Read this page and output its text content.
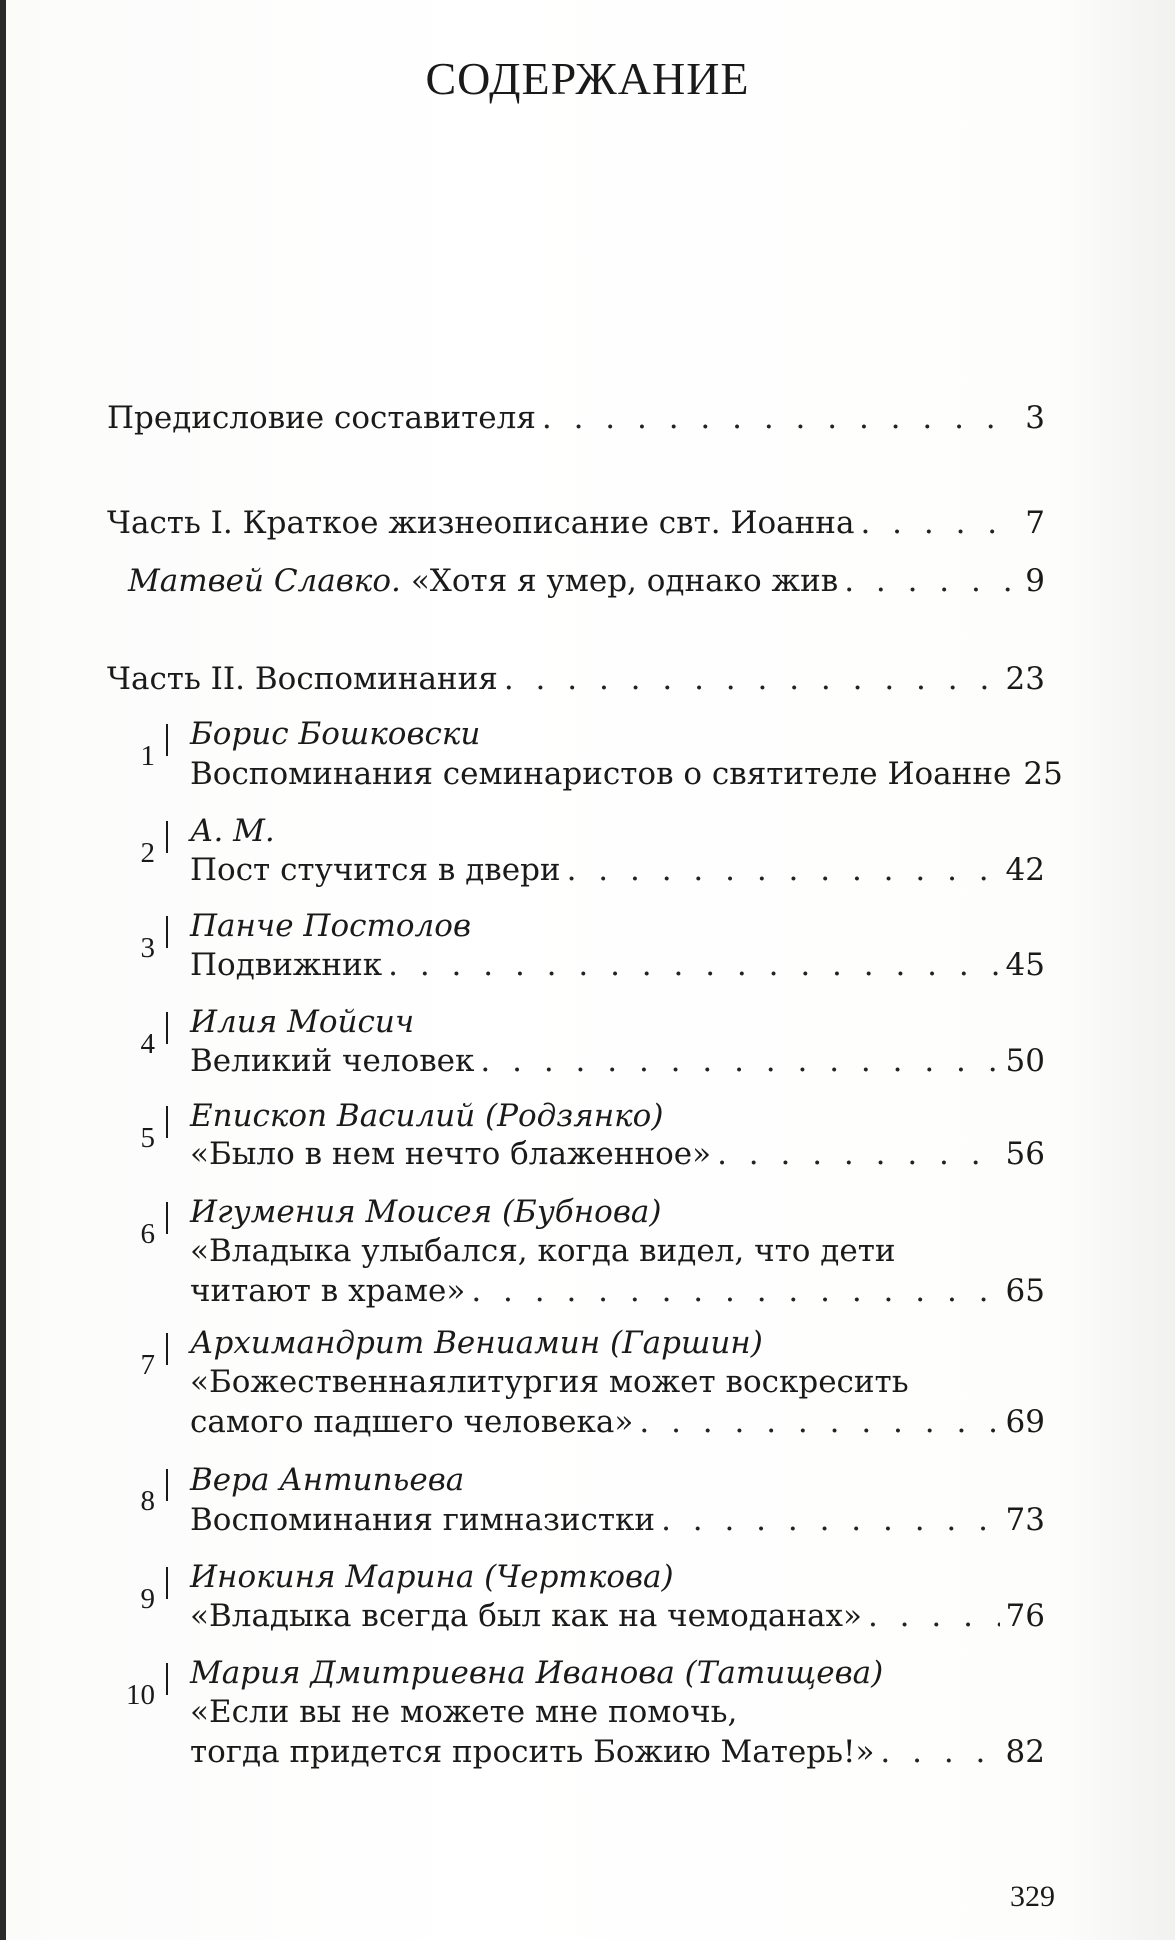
СОДЕРЖАНИЕ
Предисловие составителя . . .	3
Часть I. Краткое жизнеописание свт. Иоанна . . .	7
Матвей Славко. «Хотя я умер, однако жив . . .	9
Часть II. Воспоминания . . .	23
1
Борис Бошковски
Воспоминания семинаристов о святителе Иоанне 25
2
А. М.
Пост стучится в двери . . .	42
3
Панче Постолов
Подвижник . . .	45
4
Илия Мойсич
Великий человек . . .	50
5
Епископ Василий (Родзянко)
«Было в нем нечто блаженное» . . .	56
6
Игумения Моисея (Бубнова)
«Владыка улыбался, когда видел, что дети
читают в храме» . . .	65
7
Архимандрит Вениамин (Гаршин)
«Божественнаялитургия может воскресить
самого падшего человека» . . .	69
8
Вера Антипьева
Воспоминания гимназистки . . .	73
9
Инокиня Марина (Черткова)
«Владыка всегда был как на чемоданах» . . .	76
10
Мария Дмитриевна Иванова (Татищева)
«Если вы не можете мне помочь,
тогда придется просить Божию Матерь!» . . .	82
329
